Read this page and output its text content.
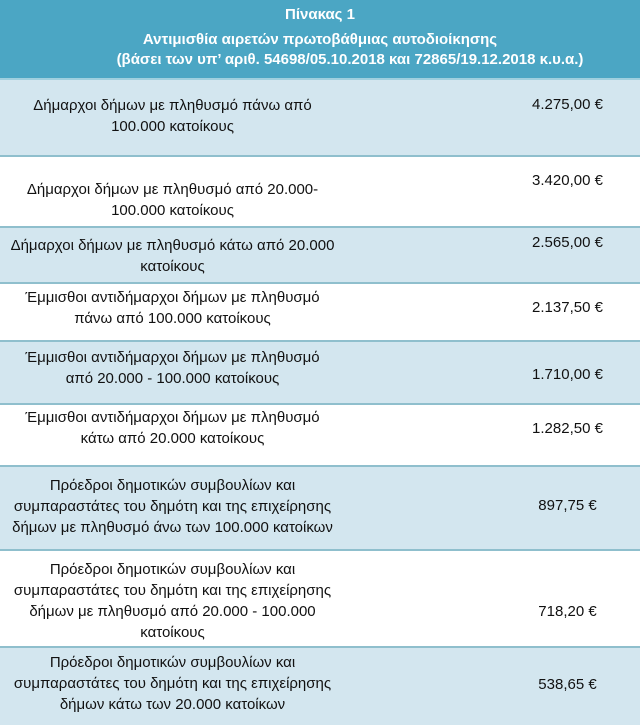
Πίνακας 1
Αντιμισθία αιρετών πρωτοβάθμιας αυτοδιοίκησης
(βάσει των υπ’ αριθ. 54698/05.10.2018 και 72865/19.12.2018 κ.υ.α.)
Δήμαρχοι δήμων με πληθυσμό πάνω από
100.000 κατοίκους
4.275,00 €
Δήμαρχοι δήμων με πληθυσμό από 20.000-
100.000 κατοίκους
3.420,00 €
Δήμαρχοι δήμων με πληθυσμό κάτω από 20.000
κατοίκους
2.565,00 €
Έμμισθοι αντιδήμαρχοι δήμων με πληθυσμό
πάνω από 100.000 κατοίκους
2.137,50 €
Έμμισθοι αντιδήμαρχοι δήμων με πληθυσμό
από 20.000 - 100.000 κατοίκους	1.710,00 €
Έμμισθοι αντιδήμαρχοι δήμων με πληθυσμό
κάτω από 20.000 κατοίκους
1.282,50 €
Πρόεδροι δημοτικών συμβουλίων και
συμπαραστάτες του δημότη και της επιχείρησης
δήμων με πληθυσμό άνω των 100.000 κατοίκων
897,75 €
Πρόεδροι δημοτικών συμβουλίων και
συμπαραστάτες του δημότη και της επιχείρησης
δήμων με πληθυσμό από 20.000 - 100.000
κατοίκους
718,20 €
Πρόεδροι δημοτικών συμβουλίων και
συμπαραστάτες του δημότη και της επιχείρησης
δήμων κάτω των 20.000 κατοίκων
538,65 €
